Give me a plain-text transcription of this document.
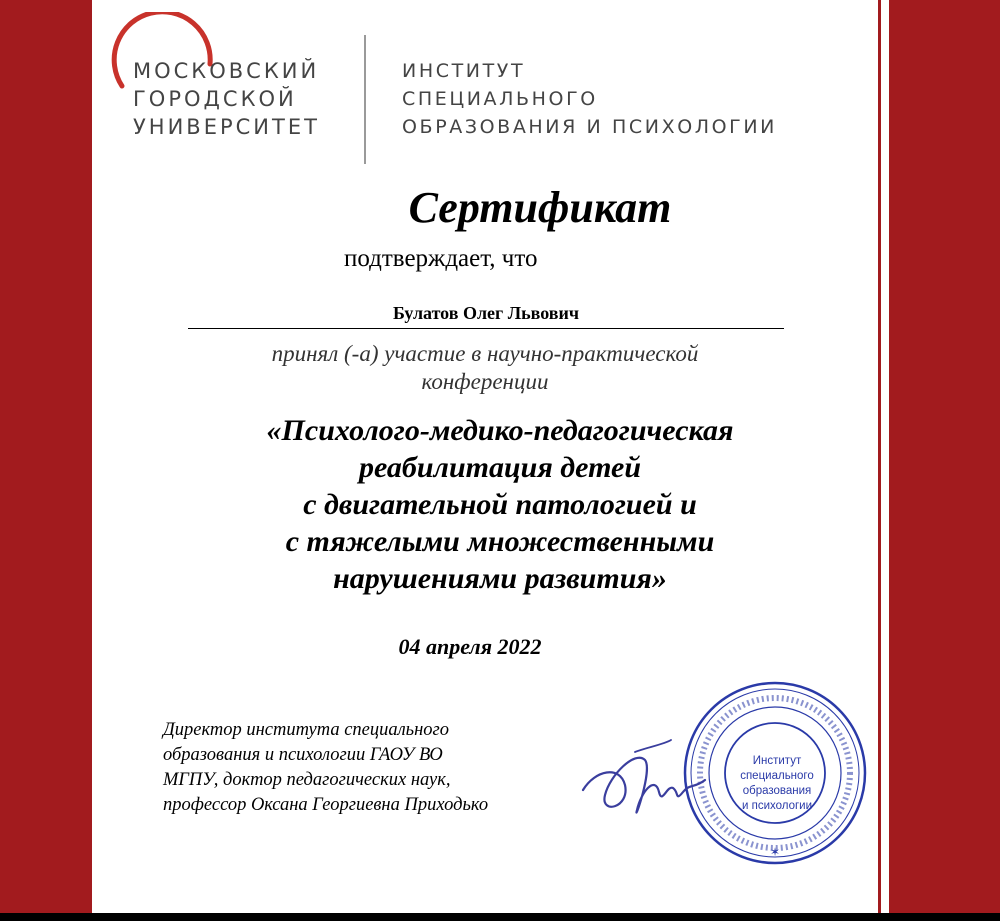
МОСКОВСКИЙ
ГОРОДСКОЙ
УНИВЕРСИТЕТ
ИНСТИТУТ
СПЕЦИАЛЬНОГО
ОБРАЗОВАНИЯ И ПСИХОЛОГИИ
Сертификат
подтверждает, что
Булатов Олег Львович
принял (-а) участие в научно-практической
конференции
«Психолого-медико-педагогическая
реабилитация детей
с двигательной патологией и
с тяжелыми множественными
нарушениями развития»
04 апреля 2022
Директор института специального
образования и психологии ГАОУ ВО
МГПУ, доктор педагогических наук,
профессор Оксана Георгиевна Приходько
✶
Институт
специального
образования
и психологии
